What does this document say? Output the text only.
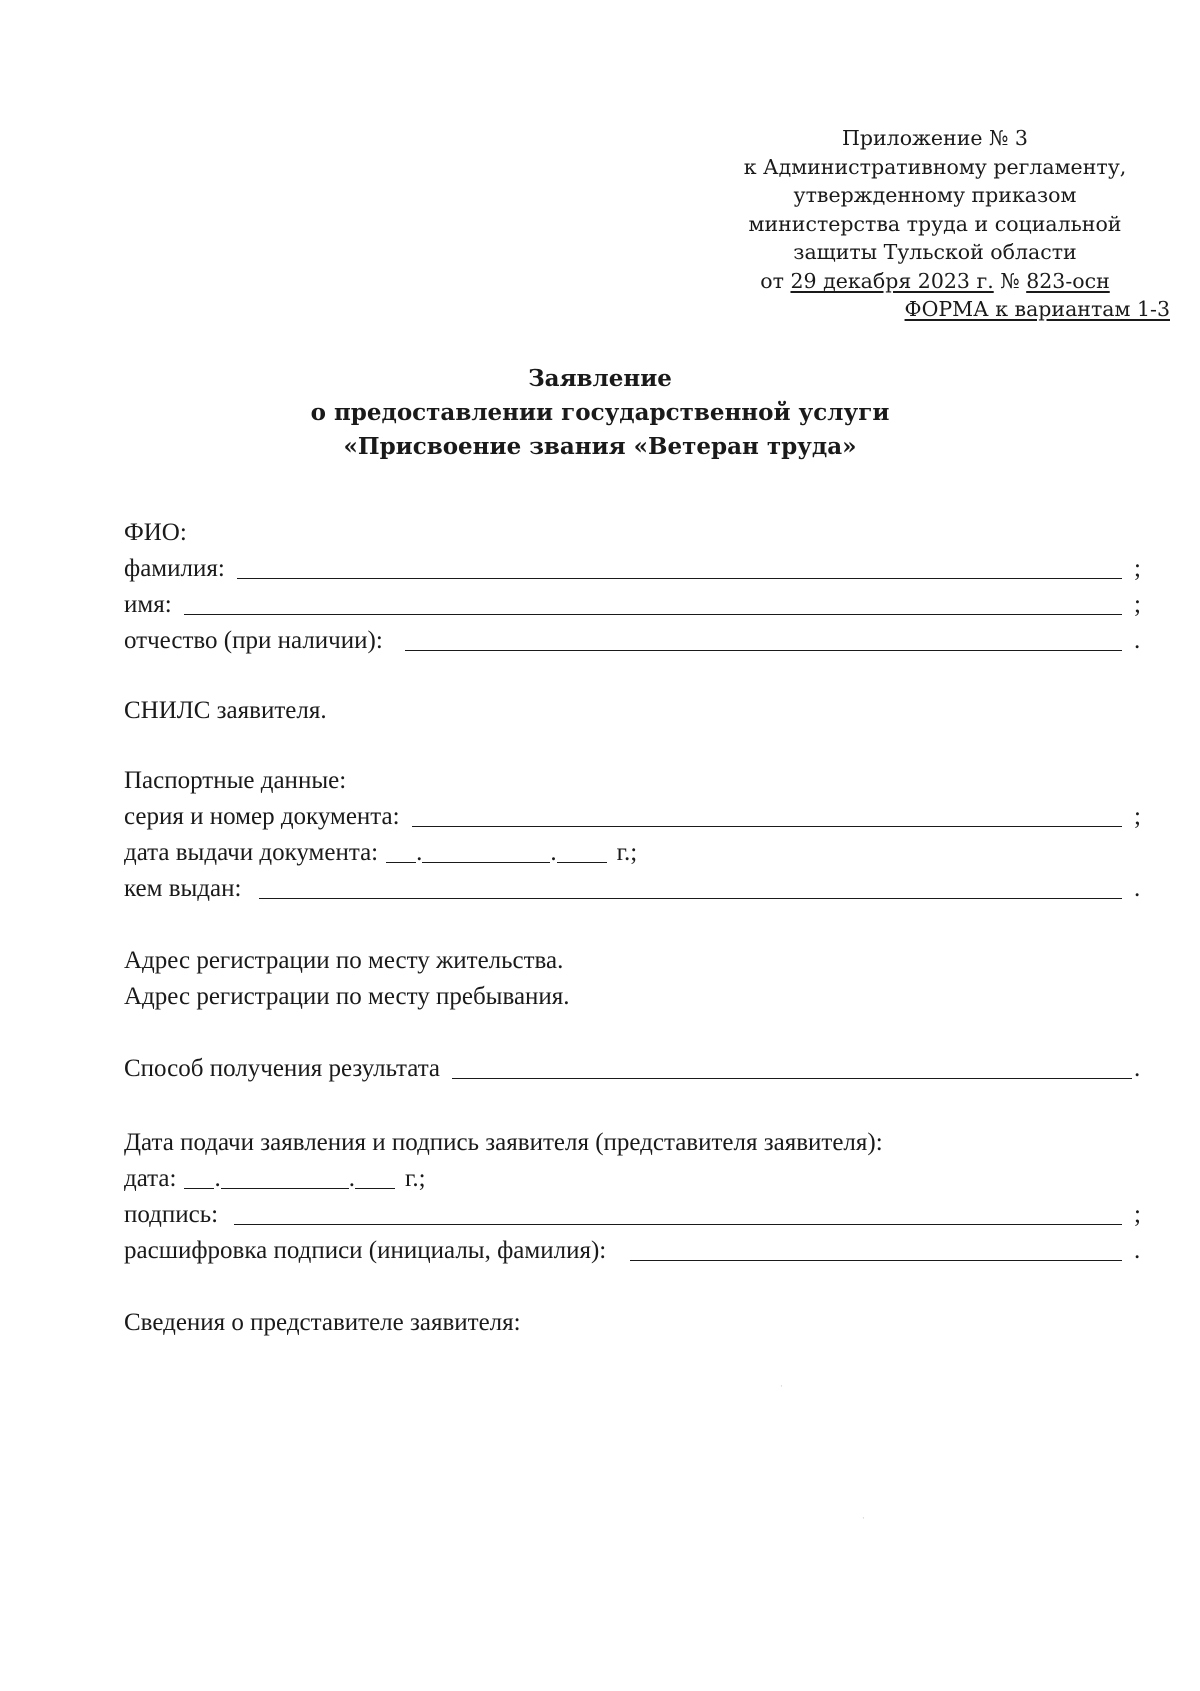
Приложение № 3
к Административному регламенту,
утвержденному приказом
министерства труда и социальной
защиты Тульской области
от 29 декабря 2023 г. № 823-осн
ФОРМА к вариантам 1-3
Заявление
о предоставлении государственной услуги
«Присвоение звания «Ветеран труда»
ФИО:
фамилия:	;
имя:	;
отчество (при наличии):	.
СНИЛС заявителя.
Паспортные данные:
серия и номер документа:	;
дата выдачи документа: .	. г.;
кем выдан:	.
Адрес регистрации по месту жительства.
Адрес регистрации по месту пребывания.
Способ получения результата	.
Дата подачи заявления и подпись заявителя (представителя заявителя):
дата: .	. г.;
подпись:	;
расшифровка подписи (инициалы, фамилия):	.
Сведения о представителе заявителя:
·
·
